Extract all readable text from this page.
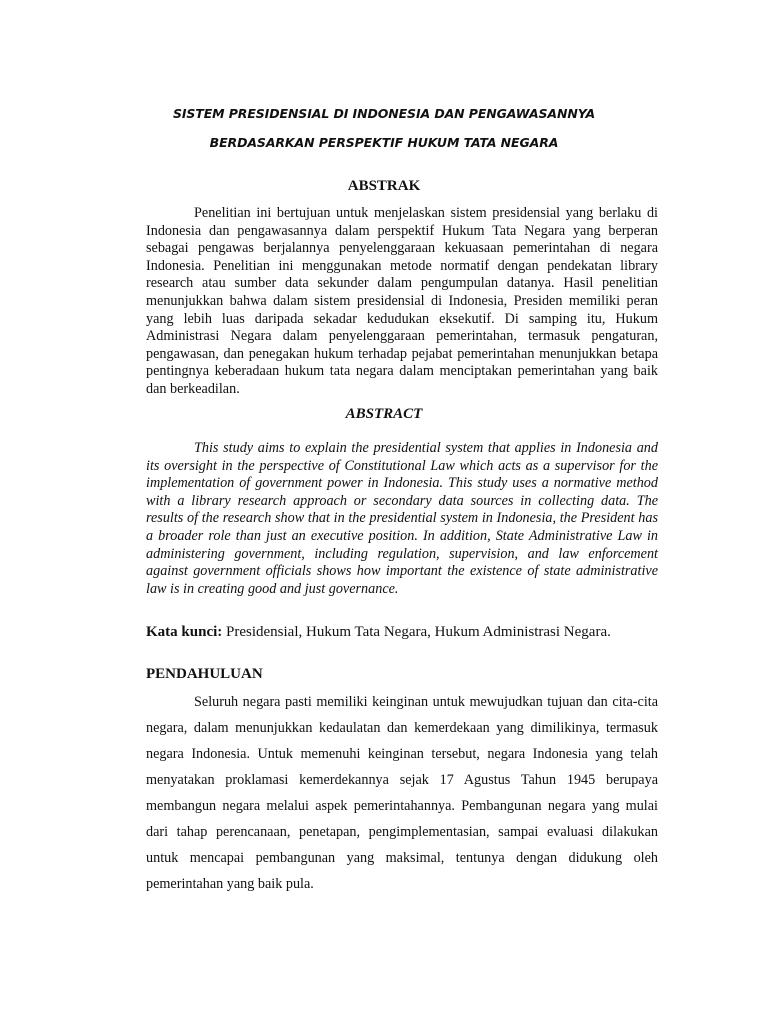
SISTEM PRESIDENSIAL DI INDONESIA DAN PENGAWASANNYA
BERDASARKAN PERSPEKTIF HUKUM TATA NEGARA
ABSTRAK

Penelitian ini bertujuan untuk menjelaskan sistem presidensial yang berlaku di Indonesia dan pengawasannya dalam perspektif Hukum Tata Negara yang berperan sebagai pengawas berjalannya penyelenggaraan kekuasaan pemerintahan di negara Indonesia. Penelitian ini menggunakan metode normatif dengan pendekatan library research atau sumber data sekunder dalam pengumpulan datanya. Hasil penelitian menunjukkan bahwa dalam sistem presidensial di Indonesia, Presiden memiliki peran yang lebih luas daripada sekadar kedudukan eksekutif. Di samping itu, Hukum Administrasi Negara dalam penyelenggaraan pemerintahan, termasuk pengaturan, pengawasan, dan penegakan hukum terhadap pejabat pemerintahan menunjukkan betapa pentingnya keberadaan hukum tata negara dalam menciptakan pemerintahan yang baik dan berkeadilan.

ABSTRACT

This study aims to explain the presidential system that applies in Indonesia and its oversight in the perspective of Constitutional Law which acts as a supervisor for the implementation of government power in Indonesia. This study uses a normative method with a library research approach or secondary data sources in collecting data. The results of the research show that in the presidential system in Indonesia, the President has a broader role than just an executive position. In addition, State Administrative Law in administering government, including regulation, supervision, and law enforcement against government officials shows how important the existence of state administrative law is in creating good and just governance.

Kata kunci: Presidensial, Hukum Tata Negara, Hukum Administrasi Negara.
PENDAHULUAN

Seluruh negara pasti memiliki keinginan untuk mewujudkan tujuan dan cita-cita negara, dalam menunjukkan kedaulatan dan kemerdekaan yang dimilikinya, termasuk negara Indonesia. Untuk memenuhi keinginan tersebut, negara Indonesia yang telah menyatakan proklamasi kemerdekannya sejak 17 Agustus Tahun 1945 berupaya membangun negara melalui aspek pemerintahannya. Pembangunan negara yang mulai dari tahap perencanaan, penetapan, pengimplementasian, sampai evaluasi dilakukan untuk mencapai pembangunan yang maksimal, tentunya dengan didukung oleh pemerintahan yang baik pula.
